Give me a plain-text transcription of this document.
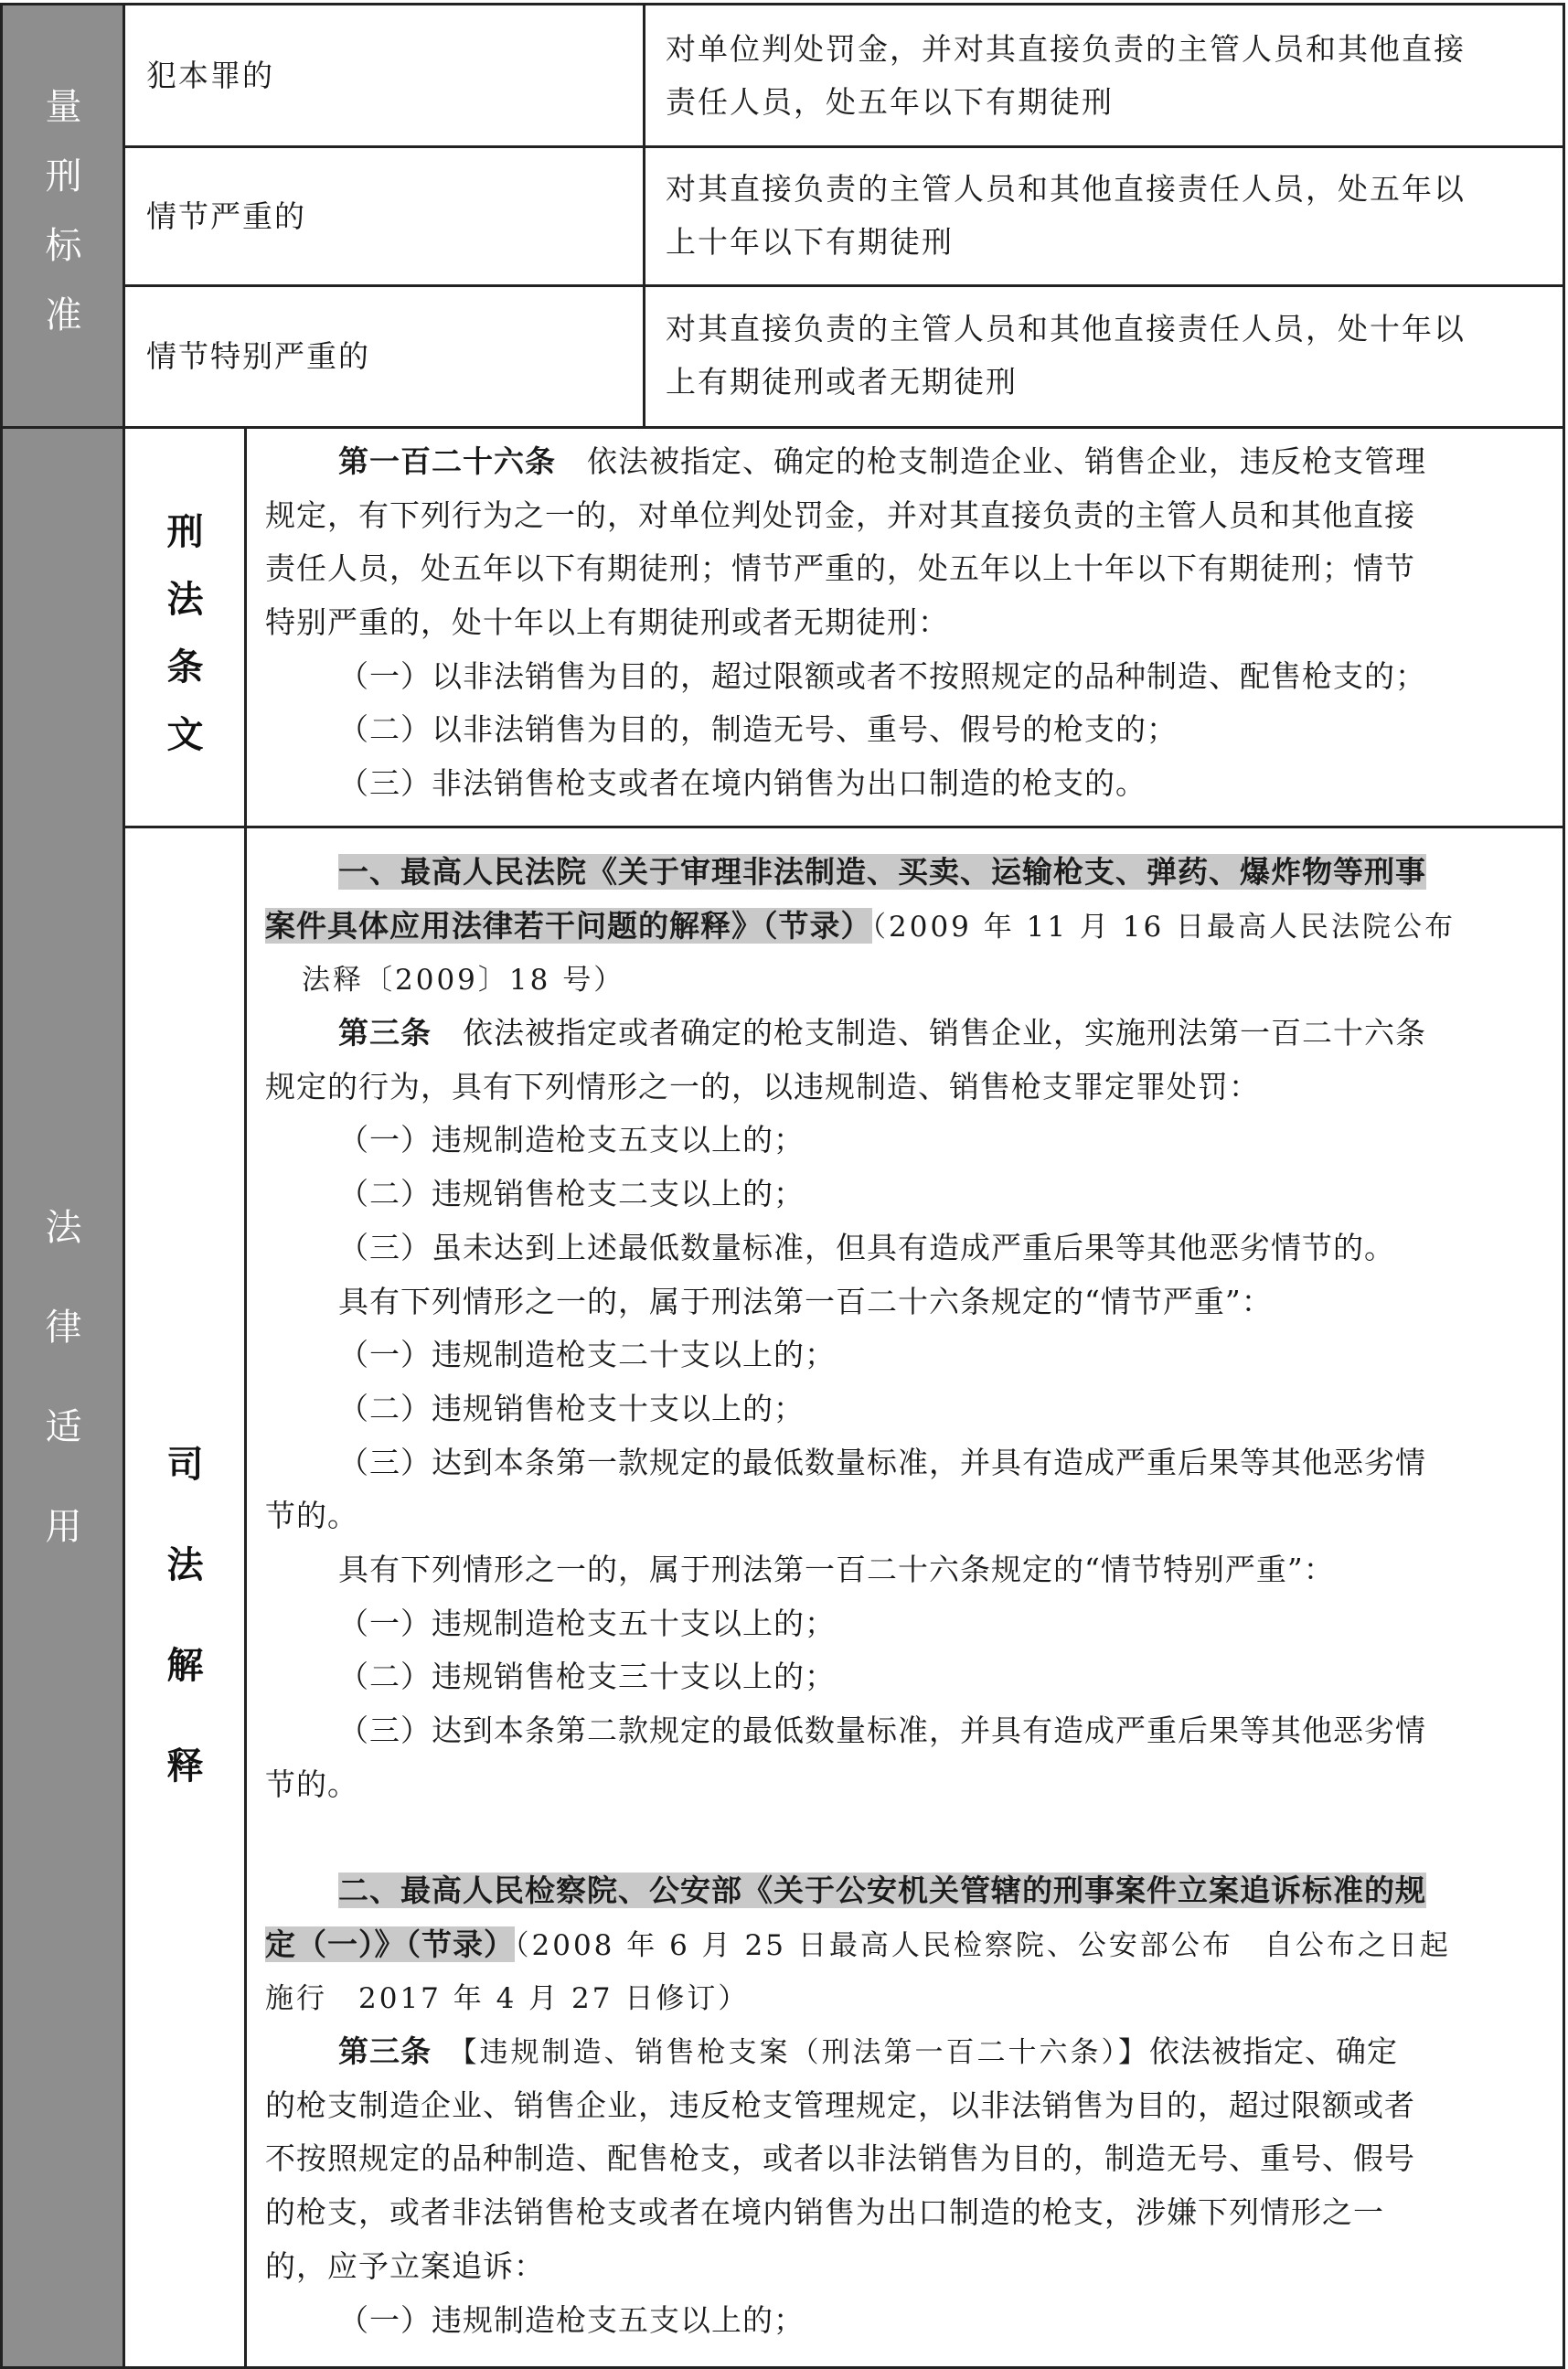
量
刑
标
准
法
律
适
用
刑
法
条
文
司
法
解
释
犯本罪的
对单位判处罚金，并对其直接负责的主管人员和其他直接
责任人员，处五年以下有期徒刑
情节严重的
对其直接负责的主管人员和其他直接责任人员，处五年以
上十年以下有期徒刑
情节特别严重的
对其直接负责的主管人员和其他直接责任人员，处十年以
上有期徒刑或者无期徒刑
第一百二十六条　 依法被指定、确定的枪支制造企业、销售企业，违反枪支管理
规定，有下列行为之一的，对单位判处罚金，并对其直接负责的主管人员和其他直接
责任人员，处五年以下有期徒刑；情节严重的，处五年以上十年以下有期徒刑；情节
特别严重的，处十年以上有期徒刑或者无期徒刑：
（一）以非法销售为目的，超过限额或者不按照规定的品种制造、配售枪支的；
（二）以非法销售为目的，制造无号、重号、假号的枪支的；
（三）非法销售枪支或者在境内销售为出口制造的枪支的。
一、最高人民法院《关于审理非法制造、买卖、运输枪支、弹药、爆炸物等刑事
案件具体应用法律若干问题的解释》（节录）（2009 年 11 月 16 日最高人民法院公布
法释〔2009〕18 号）
第三条　 依法被指定或者确定的枪支制造、销售企业，实施刑法第一百二十六条
规定的行为，具有下列情形之一的，以违规制造、销售枪支罪定罪处罚：
（一）违规制造枪支五支以上的；
（二）违规销售枪支二支以上的；
（三）虽未达到上述最低数量标准，但具有造成严重后果等其他恶劣情节的。
具有下列情形之一的，属于刑法第一百二十六条规定的“情节严重”：
（一）违规制造枪支二十支以上的；
（二）违规销售枪支十支以上的；
（三）达到本条第一款规定的最低数量标准，并具有造成严重后果等其他恶劣情
节的。
具有下列情形之一的，属于刑法第一百二十六条规定的“情节特别严重”：
（一）违规制造枪支五十支以上的；
（二）违规销售枪支三十支以上的；
（三）达到本条第二款规定的最低数量标准，并具有造成严重后果等其他恶劣情
节的。
二、最高人民检察院、公安部《关于公安机关管辖的刑事案件立案追诉标准的规
定（一）》（节录）（2008 年 6 月 25 日最高人民检察院、公安部公布　自公布之日起
施行　2017 年 4 月 27 日修订）
第三条　 【违规制造、销售枪支案（刑法第一百二十六条）】依法被指定、确定
的枪支制造企业、销售企业，违反枪支管理规定，以非法销售为目的，超过限额或者
不按照规定的品种制造、配售枪支，或者以非法销售为目的，制造无号、重号、假号
的枪支，或者非法销售枪支或者在境内销售为出口制造的枪支，涉嫌下列情形之一
的，应予立案追诉：
（一）违规制造枪支五支以上的；
